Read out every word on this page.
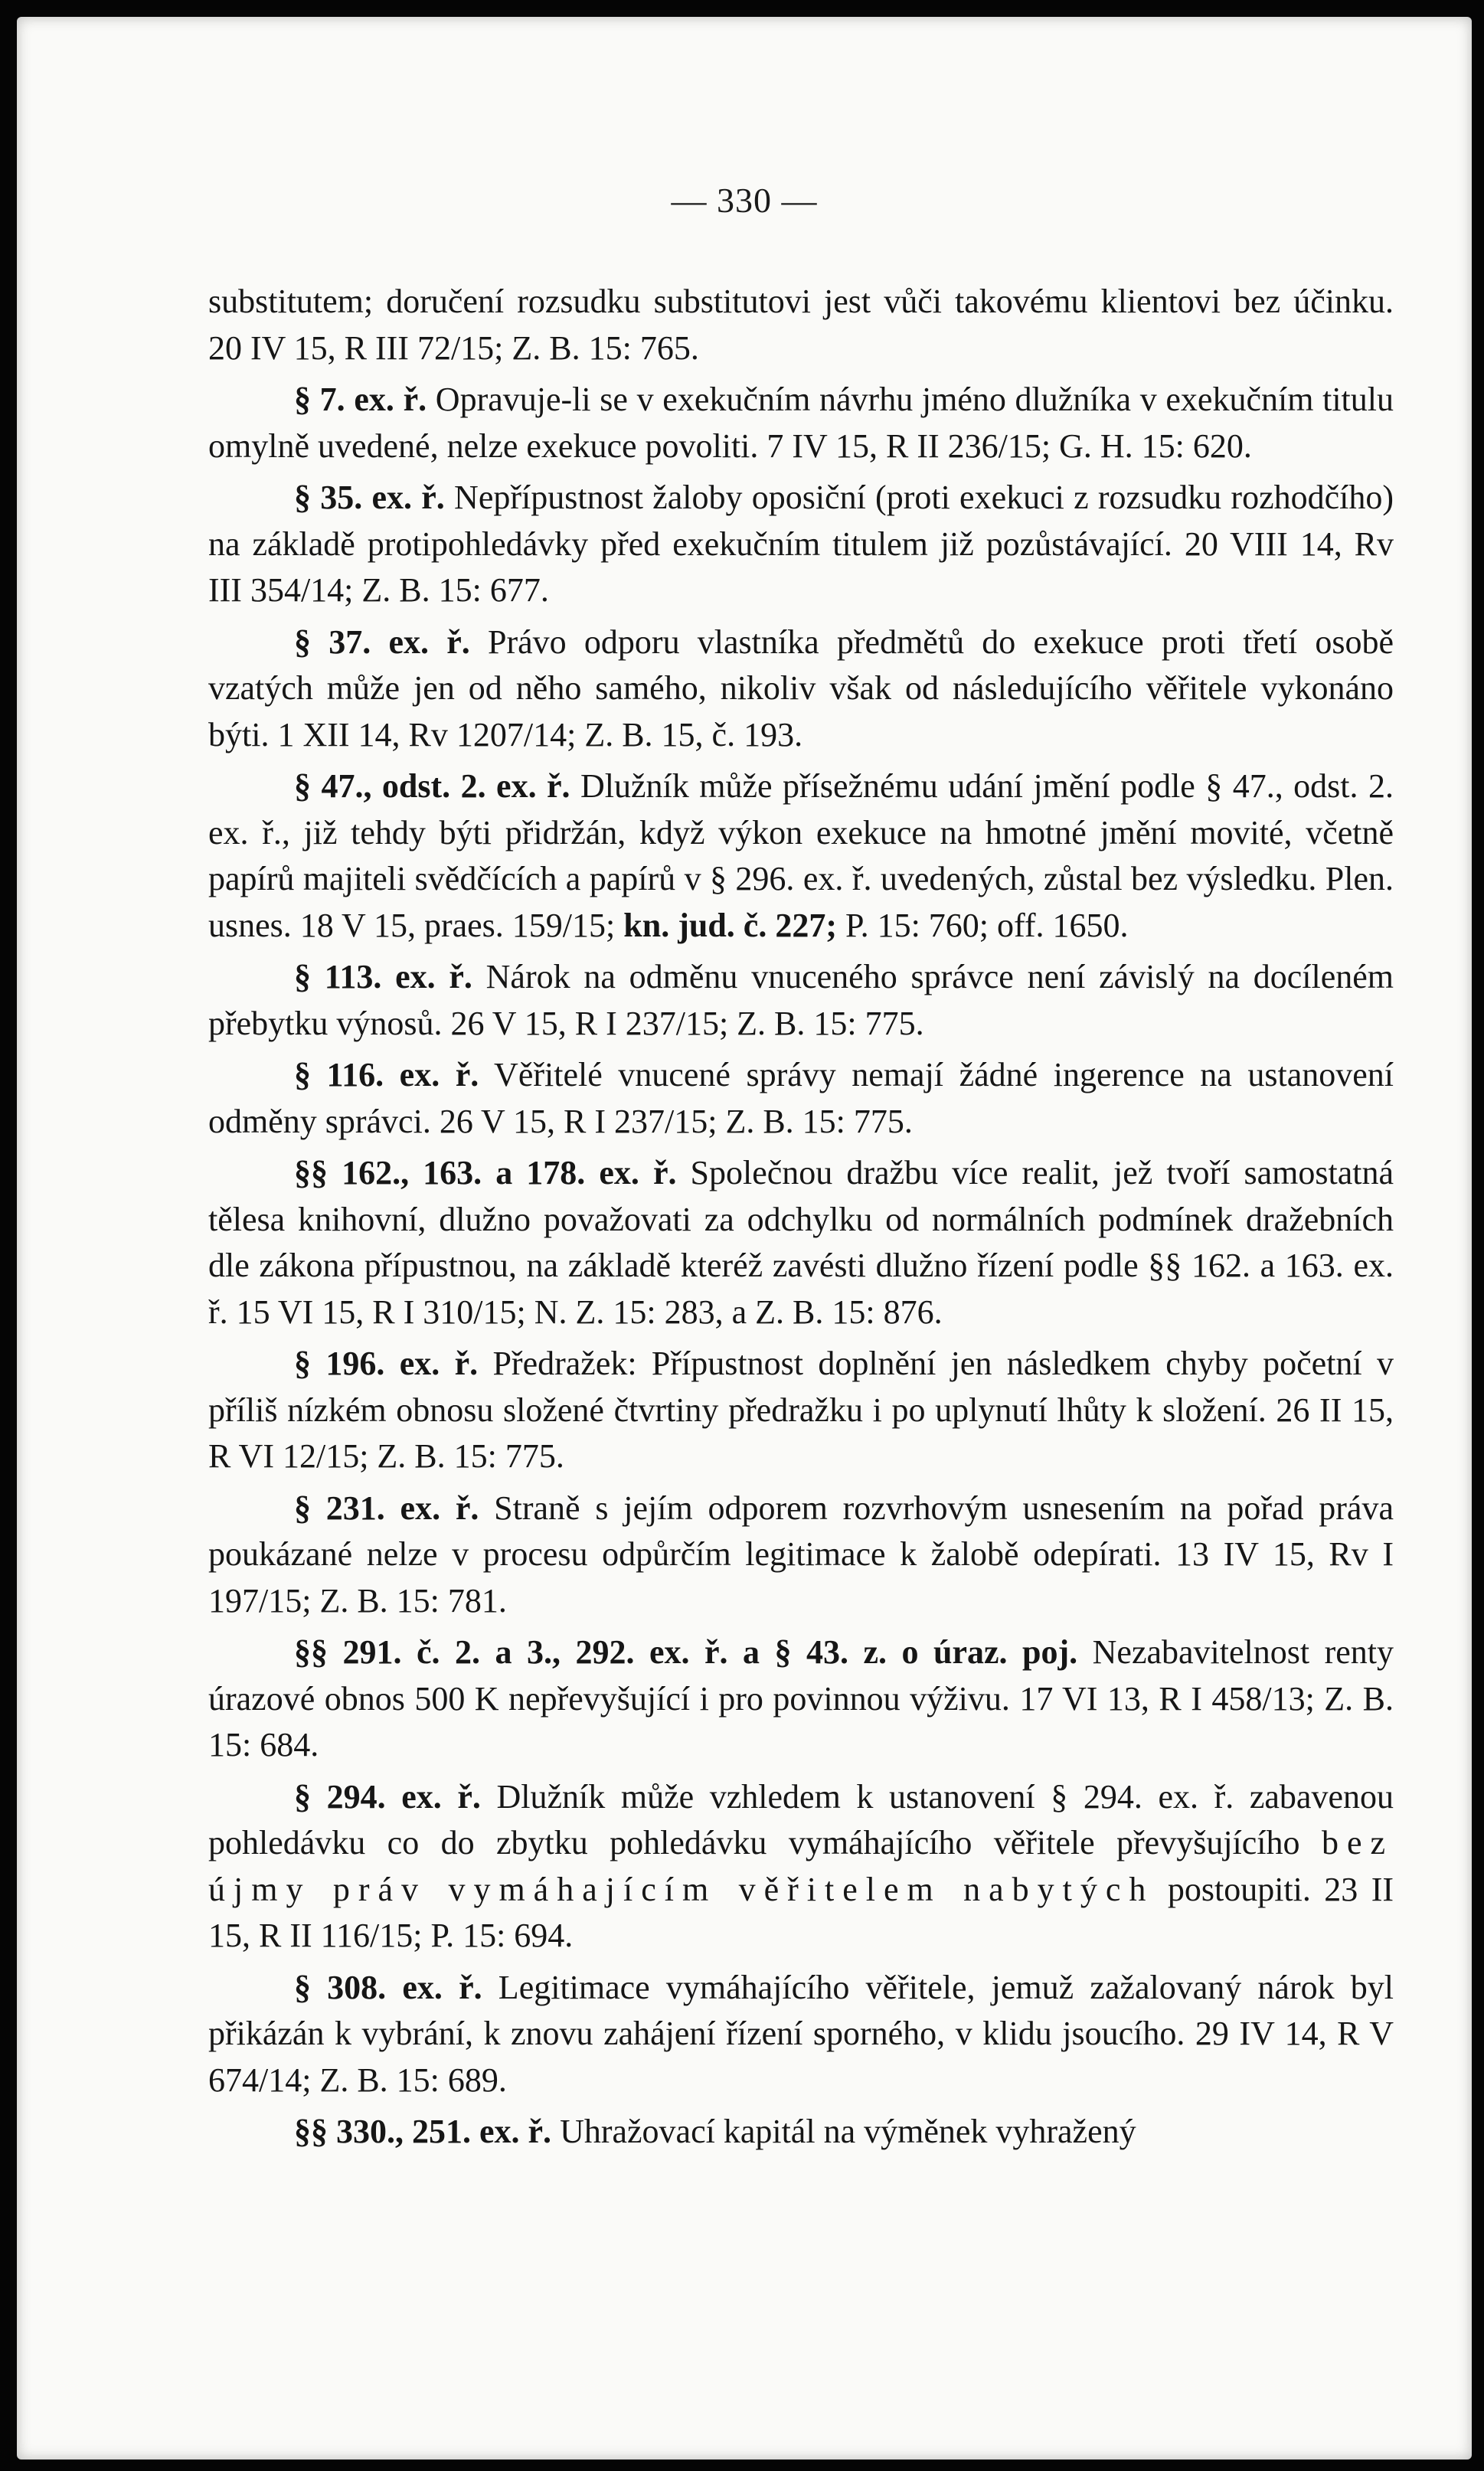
— 330 —

substitutem; doručení rozsudku substitutovi jest vůči takovému klientovi bez účinku. 20 IV 15, R III 72/15; Z. B. 15: 765.

§ 7. ex. ř. Opravuje-li se v exekučním návrhu jméno dlužníka v exekučním titulu omylně uvedené, nelze exekuce povoliti. 7 IV 15, R II 236/15; G. H. 15: 620.

§ 35. ex. ř. Nepřípustnost žaloby oposiční (proti exekuci z rozsudku rozhodčího) na základě protipohledávky před exekučním titulem již pozůstávající. 20 VIII 14, Rv III 354/14; Z. B. 15: 677.

§ 37. ex. ř. Právo odporu vlastníka předmětů do exekuce proti třetí osobě vzatých může jen od něho samého, nikoliv však od následujícího věřitele vykonáno býti. 1 XII 14, Rv 1207/14; Z. B. 15, č. 193.

§ 47., odst. 2. ex. ř. Dlužník může přísežnému udání jmění podle § 47., odst. 2. ex. ř., již tehdy býti přidržán, když výkon exekuce na hmotné jmění movité, včetně papírů majiteli svědčících a papírů v § 296. ex. ř. uvedených, zůstal bez výsledku. Plen. usnes. 18 V 15, praes. 159/15; kn. jud. č. 227; P. 15: 760; off. 1650.

§ 113. ex. ř. Nárok na odměnu vnuceného správce není závislý na docíleném přebytku výnosů. 26 V 15, R I 237/15; Z. B. 15: 775.

§ 116. ex. ř. Věřitelé vnucené správy nemají žádné ingerence na ustanovení odměny správci. 26 V 15, R I 237/15; Z. B. 15: 775.

§§ 162., 163. a 178. ex. ř. Společnou dražbu více realit, jež tvoří samostatná tělesa knihovní, dlužno považovati za odchylku od normálních podmínek dražebních dle zákona přípustnou, na základě kteréž zavésti dlužno řízení podle §§ 162. a 163. ex. ř. 15 VI 15, R I 310/15; N. Z. 15: 283, a Z. B. 15: 876.

§ 196. ex. ř. Předražek: Přípustnost doplnění jen následkem chyby početní v příliš nízkém obnosu složené čtvrtiny předražku i po uplynutí lhůty k složení. 26 II 15, R VI 12/15; Z. B. 15: 775.

§ 231. ex. ř. Straně s jejím odporem rozvrhovým usnesením na pořad práva poukázané nelze v procesu odpůrčím legitimace k žalobě odepírati. 13 IV 15, Rv I 197/15; Z. B. 15: 781.

§§ 291. č. 2. a 3., 292. ex. ř. a § 43. z. o úraz. poj. Nezabavitelnost renty úrazové obnos 500 K nepřevyšující i pro povinnou výživu. 17 VI 13, R I 458/13; Z. B. 15: 684.

§ 294. ex. ř. Dlužník může vzhledem k ustanovení § 294. ex. ř. zabavenou pohledávku co do zbytku pohledávku vymáhajícího věřitele převyšujícího bez újmy práv vymáhajícím věřitelem nabytých postoupiti. 23 II 15, R II 116/15; P. 15: 694.

§ 308. ex. ř. Legitimace vymáhajícího věřitele, jemuž zažalovaný nárok byl přikázán k vybrání, k znovu zahájení řízení sporného, v klidu jsoucího. 29 IV 14, R V 674/14; Z. B. 15: 689.

§§ 330., 251. ex. ř. Uhražovací kapitál na výměnek vyhražený
